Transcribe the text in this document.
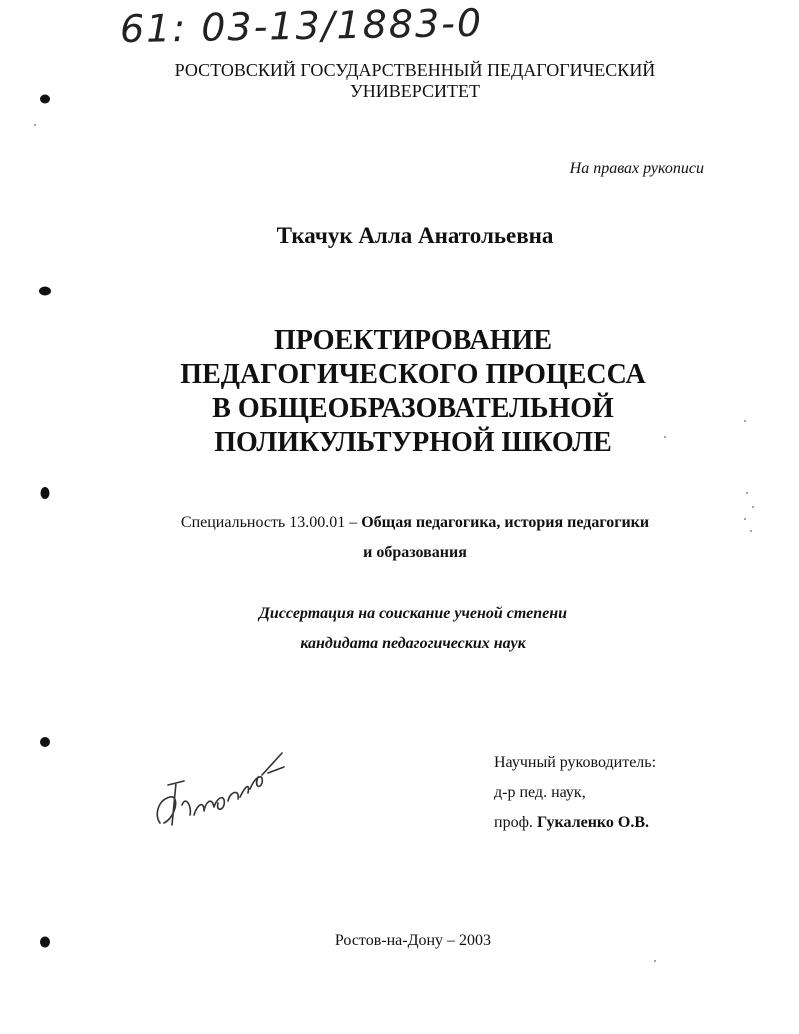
61: 03-13/1883-0
РОСТОВСКИЙ ГОСУДАРСТВЕННЫЙ ПЕДАГОГИЧЕСКИЙ
УНИВЕРСИТЕТ
На правах рукописи
Ткачук Алла Анатольевна
ПРОЕКТИРОВАНИЕ
ПЕДАГОГИЧЕСКОГО ПРОЦЕССА
В ОБЩЕОБРАЗОВАТЕЛЬНОЙ
ПОЛИКУЛЬТУРНОЙ ШКОЛЕ
Специальность 13.00.01 – Общая педагогика, история педагогики
и образования
Диссертация на соискание ученой степени
кандидата педагогических наук
Научный руководитель:
д-р пед. наук,
проф. Гукаленко О.В.
Ростов-на-Дону – 2003
